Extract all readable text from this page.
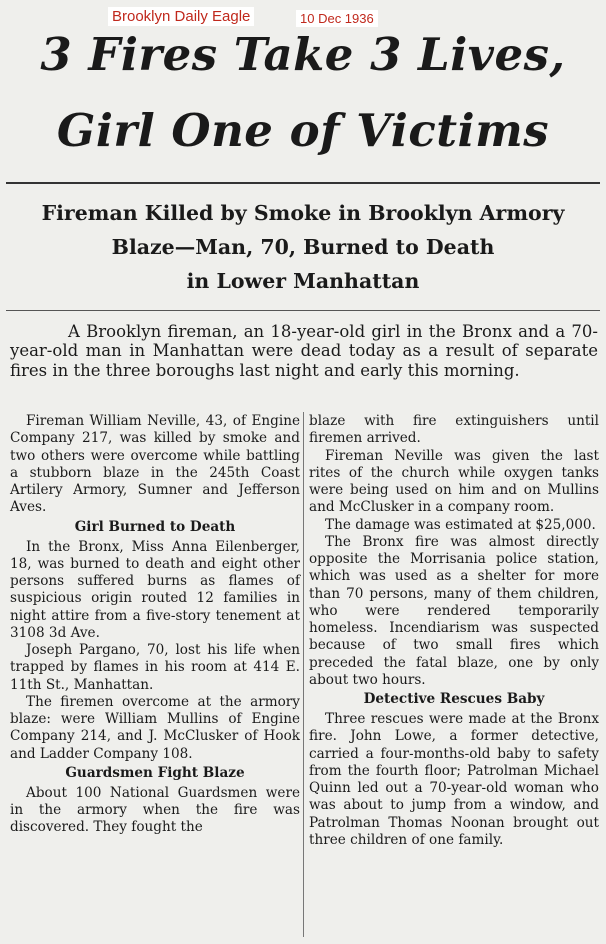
Brooklyn Daily Eagle	10 Dec 1936
3 Fires Take 3 Lives,
Girl One of Victims

Fireman Killed by Smoke in Brooklyn Armory

Blaze—Man, 70, Burned to Death

in Lower Manhattan

A Brooklyn fireman, an 18-year-old girl in the Bronx and a 70-year-old man in Manhattan were dead today as a result of separate fires in the three boroughs last night and early this morning.

Fireman William Neville, 43, of Engine Company 217, was killed by smoke and two others were overcome while battling a stubborn blaze in the 245th Coast Artilery Armory, Sumner and Jefferson Aves.

Girl Burned to Death

In the Bronx, Miss Anna Eilenberger, 18, was burned to death and eight other persons suffered burns as flames of suspicious origin routed 12 families in night attire from a five-story tenement at 3108 3d Ave.

Joseph Pargano, 70, lost his life when trapped by flames in his room at 414 E. 11th St., Manhattan.

The firemen overcome at the armory blaze: were William Mullins of Engine Company 214, and J. McClusker of Hook and Ladder Company 108.

Guardsmen Fight Blaze

About 100 National Guardsmen were in the armory when the fire was discovered. They fought the

blaze with fire extinguishers until firemen arrived.

Fireman Neville was given the last rites of the church while oxygen tanks were being used on him and on Mullins and McClusker in a company room.

The damage was estimated at $25,000.

The Bronx fire was almost directly opposite the Morrisania police station, which was used as a shelter for more than 70 persons, many of them children, who were rendered temporarily homeless. Incendiarism was suspected because of two small fires which preceded the fatal blaze, one by only about two hours.

Detective Rescues Baby

Three rescues were made at the Bronx fire. John Lowe, a former detective, carried a four-months-old baby to safety from the fourth floor; Patrolman Michael Quinn led out a 70-year-old woman who was about to jump from a window, and Patrolman Thomas Noonan brought out three children of one family.
